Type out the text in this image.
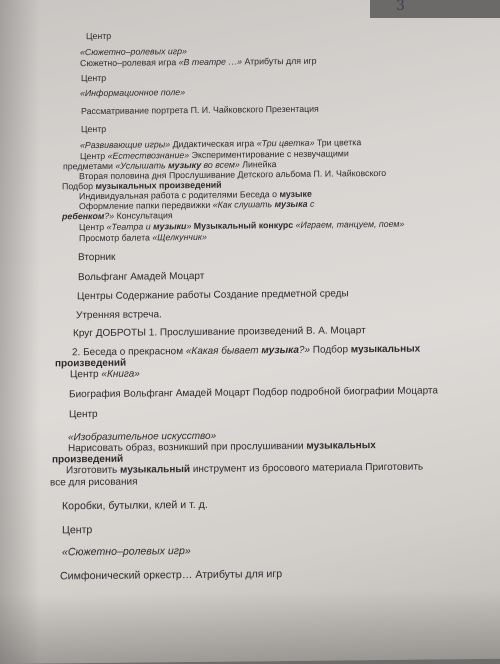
Центр
«Сюжетно–ролевых игр»
Сюжетно–ролевая игра «В театре …» Атрибуты для игр
Центр
«Информационное поле»
Рассматривание портрета П. И. Чайковского Презентация
Центр
«Развивающие игры» Дидактическая игра «Три цветка» Три цветка
Центр «Естествознание» Экспериментирование с незвучащими
предметами «Услышать музыку во всем» Линейка
Вторая половина дня Прослушивание Детского альбома П. И. Чайковского
Подбор музыкальных произведений
Индивидуальная работа с родителями Беседа о музыке
Оформление папки передвижки «Как слушать музыка с
ребенком?» Консультация
Центр «Театра и музыки» Музыкальный конкурс «Играем, танцуем, поем»
Просмотр балета «Щелкунчик»
Вторник
Вольфганг Амадей Моцарт
Центры Содержание работы Создание предметной среды
Утренняя встреча.
Круг ДОБРОТЫ 1. Прослушивание произведений В. А. Моцарт
2. Беседа о прекрасном «Какая бывает музыка?» Подбор музыкальных
произведений
Центр «Книга»
Биография Вольфганг Амадей Моцарт Подбор подробной биографии Моцарта
Центр
«Изобразительное искусство»
Нарисовать образ, возникший при прослушивании музыкальных
произведений
Изготовить музыкальный инструмент из бросового материала Приготовить
все для рисования
Коробки, бутылки, клей и т. д.
Центр
«Сюжетно–ролевых игр»
Симфонический оркестр… Атрибуты для игр
3
